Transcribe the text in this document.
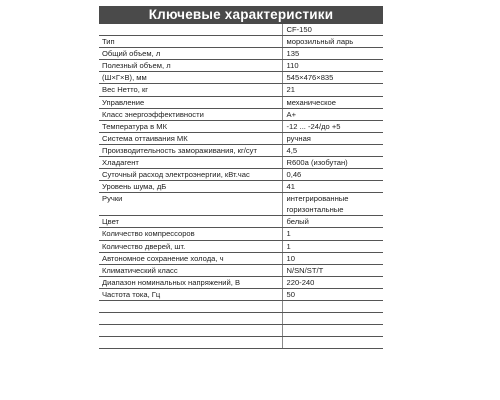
Ключевые характеристики
	CF-150
Тип	морозильный ларь
Общий объем, л	135
Полезный объем, л	110
(Ш×Г×В), мм	545×476×835
Вес Нетто, кг	21
Управление	механическое
Класс энергоэффективности	A+
Температура в МК	-12 ... -24/до +5
Система оттаивания МК	ручная
Производительность замораживания, кг/сут	4,5
Хладагент	R600a (изобутан)
Суточный расход электроэнергии, кВт.час	0,46
Уровень шума, дБ	41
Ручки	интегрированные
горизонтальные

Цвет	белый
Количество компрессоров	1
Количество дверей, шт.	1
Автономное сохранение холода, ч	10
Климатический класс	N/SN/ST/T
Диапазон номинальных напряжений, В	220-240
Частота тока, Гц	50
